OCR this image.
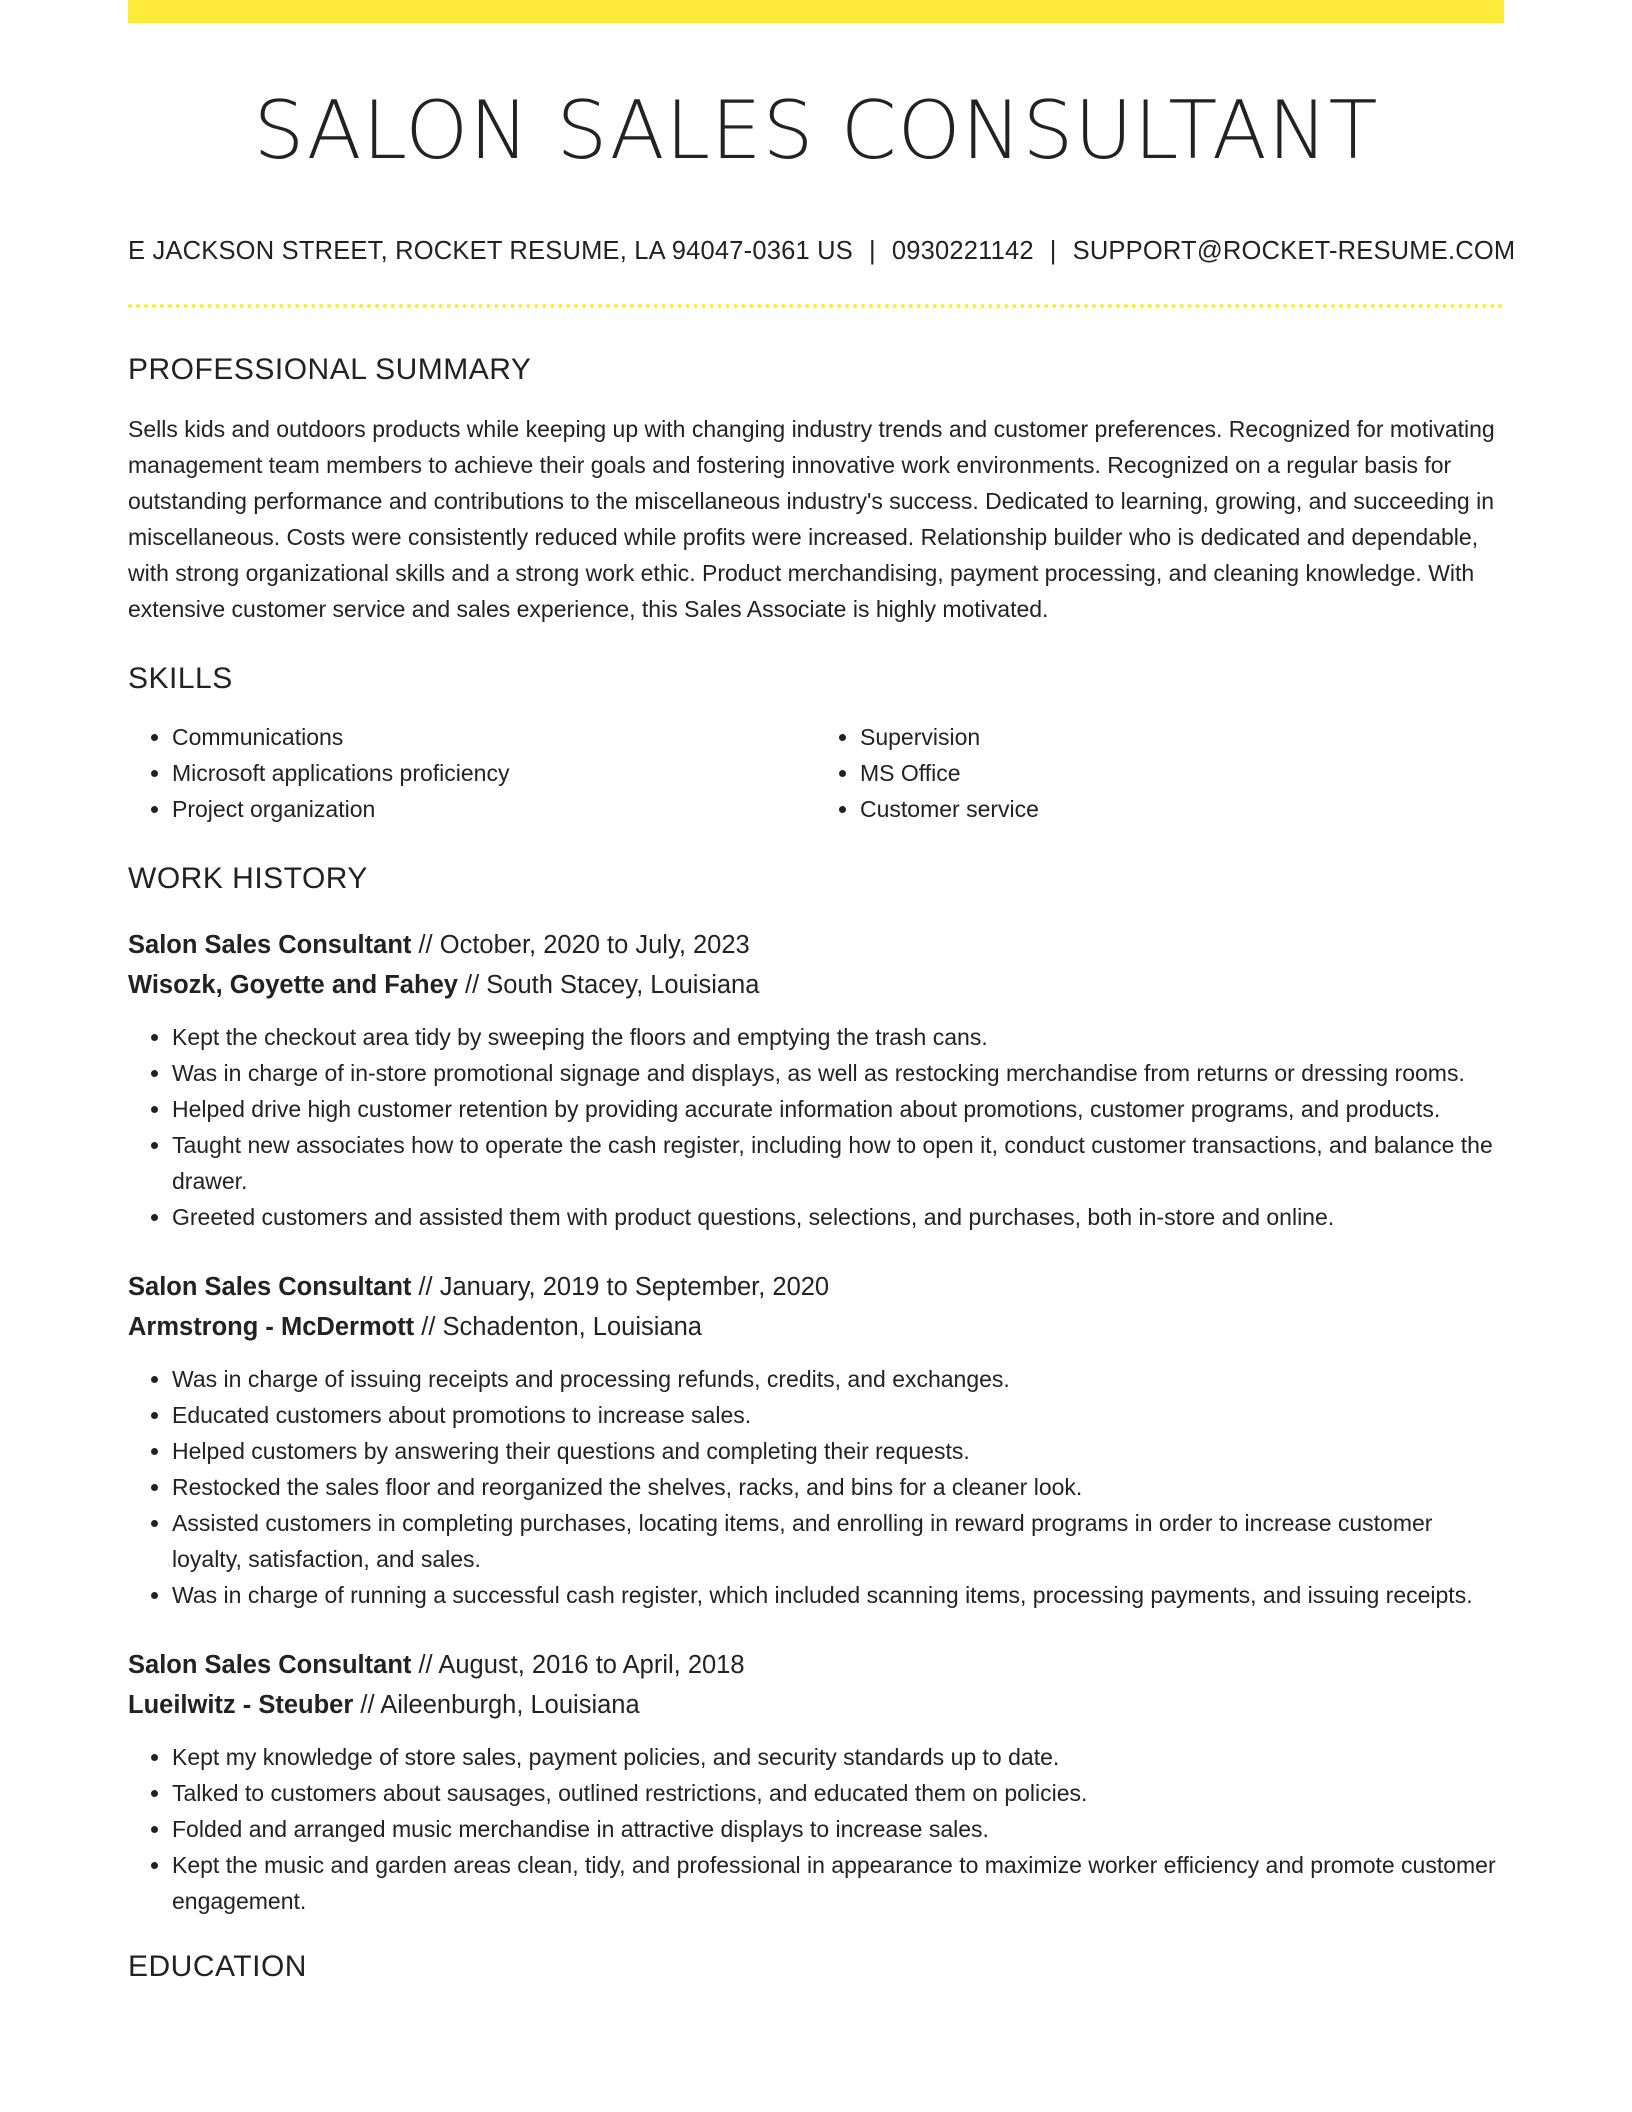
SALON SALES CONSULTANT
E JACKSON STREET, ROCKET RESUME, LA 94047-0361 US | 0930221142 | SUPPORT@ROCKET-RESUME.COM
PROFESSIONAL SUMMARY

Sells kids and outdoors products while keeping up with changing industry trends and customer preferences. Recognized for motivating management team members to achieve their goals and fostering innovative work environments. Recognized on a regular basis for outstanding performance and contributions to the miscellaneous industry's success. Dedicated to learning, growing, and succeeding in miscellaneous. Costs were consistently reduced while profits were increased. Relationship builder who is dedicated and dependable, with strong organizational skills and a strong work ethic. Product merchandising, payment processing, and cleaning knowledge. With extensive customer service and sales experience, this Sales Associate is highly motivated.

SKILLS
• Communications
• Microsoft applications proficiency
• Project organization
• Supervision
• MS Office
• Customer service
WORK HISTORY
Salon Sales Consultant // October, 2020 to July, 2023
Wisozk, Goyette and Fahey // South Stacey, Louisiana
• Kept the checkout area tidy by sweeping the floors and emptying the trash cans.
• Was in charge of in-store promotional signage and displays, as well as restocking merchandise from returns or dressing rooms.
• Helped drive high customer retention by providing accurate information about promotions, customer programs, and products.
• Taught new associates how to operate the cash register, including how to open it, conduct customer transactions, and balance the drawer.
• Greeted customers and assisted them with product questions, selections, and purchases, both in-store and online.
Salon Sales Consultant // January, 2019 to September, 2020
Armstrong - McDermott // Schadenton, Louisiana
• Was in charge of issuing receipts and processing refunds, credits, and exchanges.
• Educated customers about promotions to increase sales.
• Helped customers by answering their questions and completing their requests.
• Restocked the sales floor and reorganized the shelves, racks, and bins for a cleaner look.
• Assisted customers in completing purchases, locating items, and enrolling in reward programs in order to increase customer loyalty, satisfaction, and sales.
• Was in charge of running a successful cash register, which included scanning items, processing payments, and issuing receipts.
Salon Sales Consultant // August, 2016 to April, 2018
Lueilwitz - Steuber // Aileenburgh, Louisiana
• Kept my knowledge of store sales, payment policies, and security standards up to date.
• Talked to customers about sausages, outlined restrictions, and educated them on policies.
• Folded and arranged music merchandise in attractive displays to increase sales.
• Kept the music and garden areas clean, tidy, and professional in appearance to maximize worker efficiency and promote customer engagement.
EDUCATION
